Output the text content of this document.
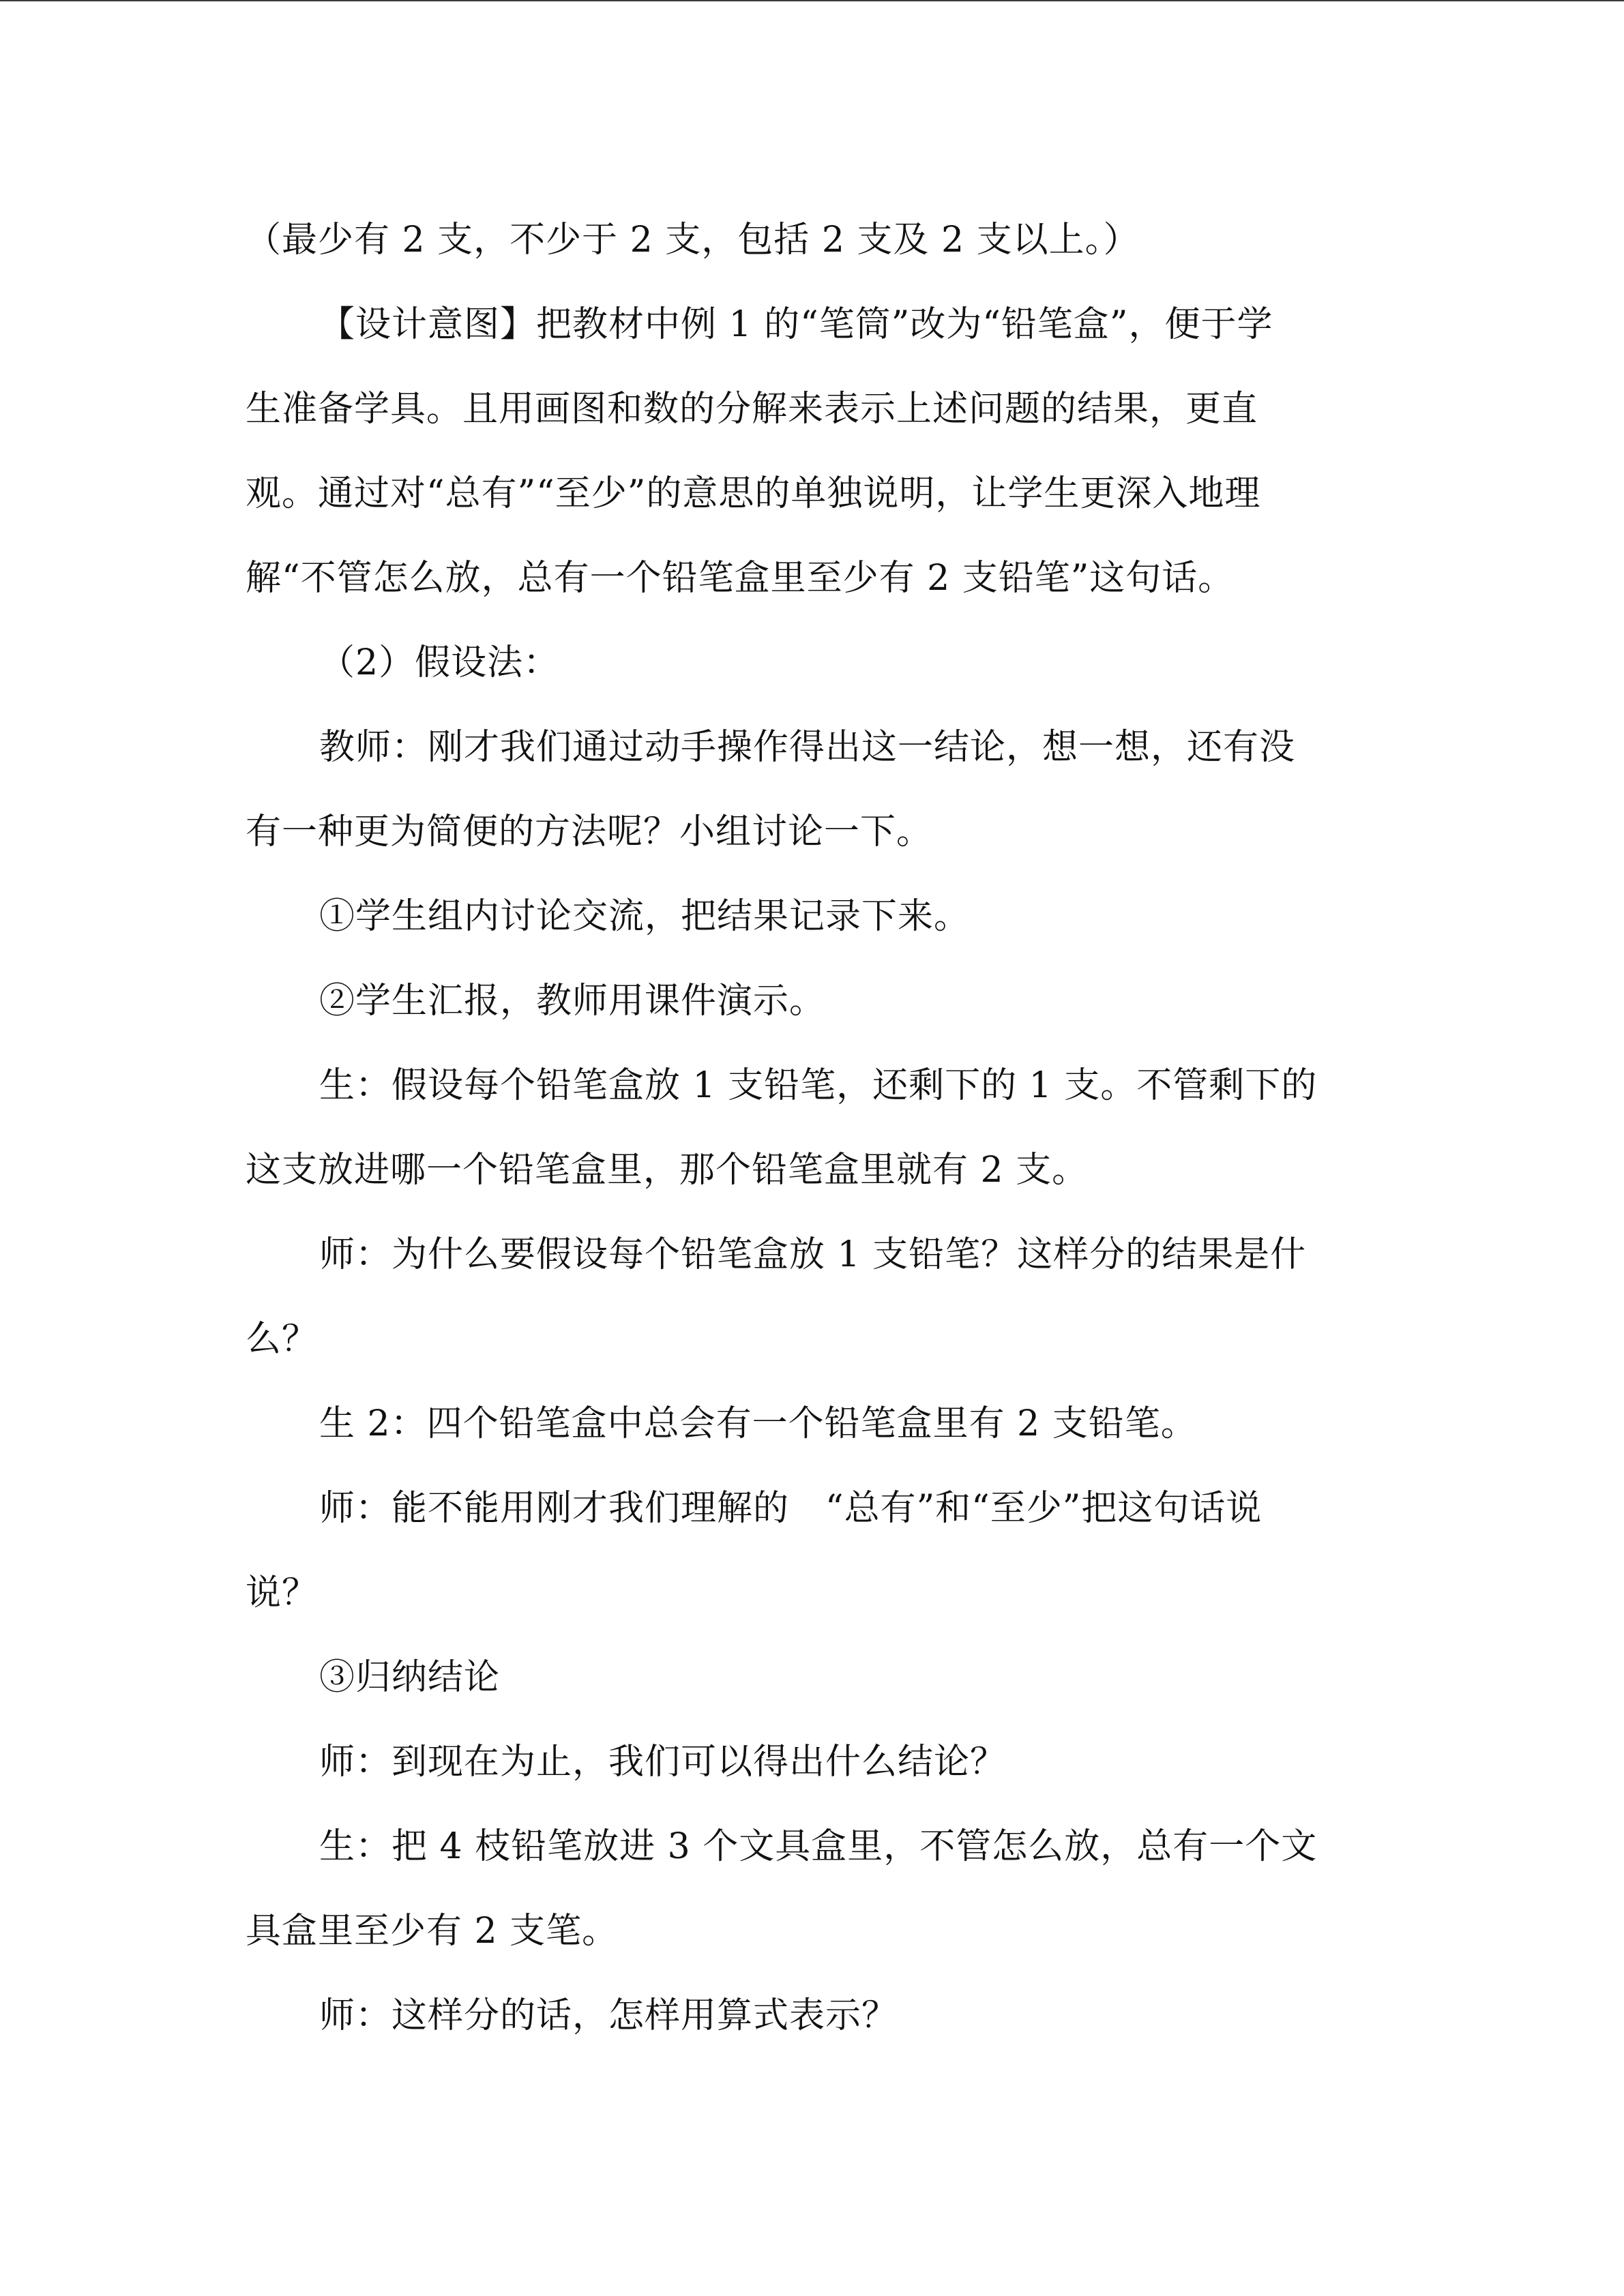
（最少有 2 支，不少于 2 支，包括 2 支及 2 支以上。）

【设计意图】把教材中例 1 的“笔筒”改为“铅笔盒”，便于学

生准备学具。且用画图和数的分解来表示上述问题的结果，更直

观。通过对“总有”“至少”的意思的单独说明，让学生更深入地理

解“不管怎么放，总有一个铅笔盒里至少有 2 支铅笔”这句话。

（2）假设法：

教师：刚才我们通过动手操作得出这一结论，想一想，还有没

有一种更为简便的方法呢？小组讨论一下。

①学生组内讨论交流，把结果记录下来。

②学生汇报，教师用课件演示。

生：假设每个铅笔盒放 1 支铅笔，还剩下的 1 支。不管剩下的

这支放进哪一个铅笔盒里，那个铅笔盒里就有 2 支。

师：为什么要假设每个铅笔盒放 1 支铅笔？这样分的结果是什

么？

生 2：四个铅笔盒中总会有一个铅笔盒里有 2 支铅笔。

师：能不能用刚才我们理解的　“总有”和“至少”把这句话说

说？

③归纳结论

师：到现在为止，我们可以得出什么结论？

生：把 4 枝铅笔放进 3 个文具盒里，不管怎么放，总有一个文

具盒里至少有 2 支笔。

师：这样分的话，怎样用算式表示？
